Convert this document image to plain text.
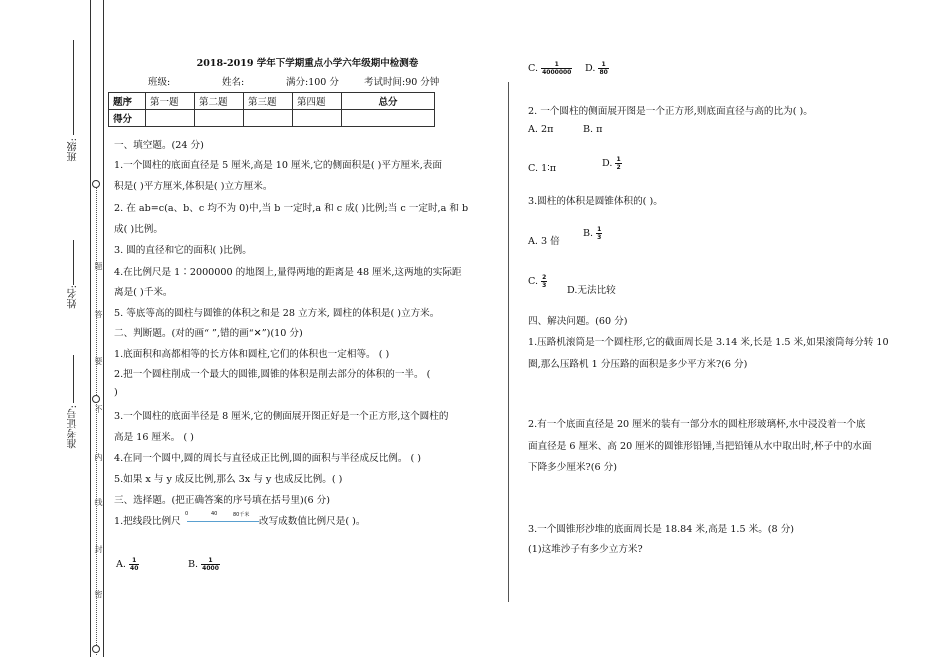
准考证号:
姓名:
班级:
题
答
要
不
内
线
封
密
2018-2019 学年下学期重点小学六年级期中检测卷
班级:	姓名:	满分:100 分	考试时间:90 分钟
题序	第一题	第二题	第三题	第四题	总分
得分					
一、填空题。(24 分)
1.一个圆柱的底面直径是 5 厘米,高是 10 厘米,它的侧面积是( )平方厘米,表面
积是( )平方厘米,体积是( )立方厘米。
2. 在 ab=c(a、b、c 均不为 0)中,当 b 一定时,a 和 c 成( )比例;当 c 一定时,a 和 b
成( )比例。
3. 圆的直径和它的面积( )比例。
4.在比例尺是 1∶2000000 的地图上,量得两地的距离是 48 厘米,这两地的实际距
离是( )千米。
5. 等底等高的圆柱与圆锥的体积之和是 28 立方米, 圆柱的体积是( )立方米。
二、判断题。(对的画“ ”,错的画“✕”)(10 分)
1.底面积和高都相等的长方体和圆柱,它们的体积也一定相等。 ( )
2.把一个圆柱削成一个最大的圆锥,圆锥的体积是削去部分的体积的一半。 (
)
3.一个圆柱的底面半径是 8 厘米,它的侧面展开图正好是一个正方形,这个圆柱的
高是 16 厘米。 ( )
4.在同一个圆中,圆的周长与直径成正比例,圆的面积与半径成反比例。 ( )
5.如果 x 与 y 成反比例,那么 3x 与 y 也成反比例。( )
三、选择题。(把正确答案的序号填在括号里)(6 分)
1.把线段比例尺
0	40	80千米
改写成数值比例尺是( )。
A. $\frac{1}{40}$	B. $\frac{1}{4000}$
C. $\frac{1}{4000000} D$. $\frac{1}{80}$
2. 一个圆柱的侧面展开图是一个正方形,则底面直径与高的比为( )。
A. 2π	B. π
C. 1∶π	D. $\frac{1}{2}$
3.圆柱的体积是圆锥体积的( )。
A. 3 倍
B. $\frac{1}{3}$
C. $\frac{2}{3}$
D.无法比较
四、解决问题。(60 分)
1.压路机滚筒是一个圆柱形,它的截面周长是 3.14 米,长是 1.5 米,如果滚筒每分转 10
圈,那么压路机 1 分压路的面积是多少平方米?(6 分)
2.有一个底面直径是 20 厘米的装有一部分水的圆柱形玻璃杯,水中浸没着一个底
面直径是 6 厘米、高 20 厘米的圆锥形铅锤,当把铅锤从水中取出时,杯子中的水面
下降多少厘米?(6 分)
3.一个圆锥形沙堆的底面周长是 18.84 米,高是 1.5 米。(8 分)
(1)这堆沙子有多少立方米?
